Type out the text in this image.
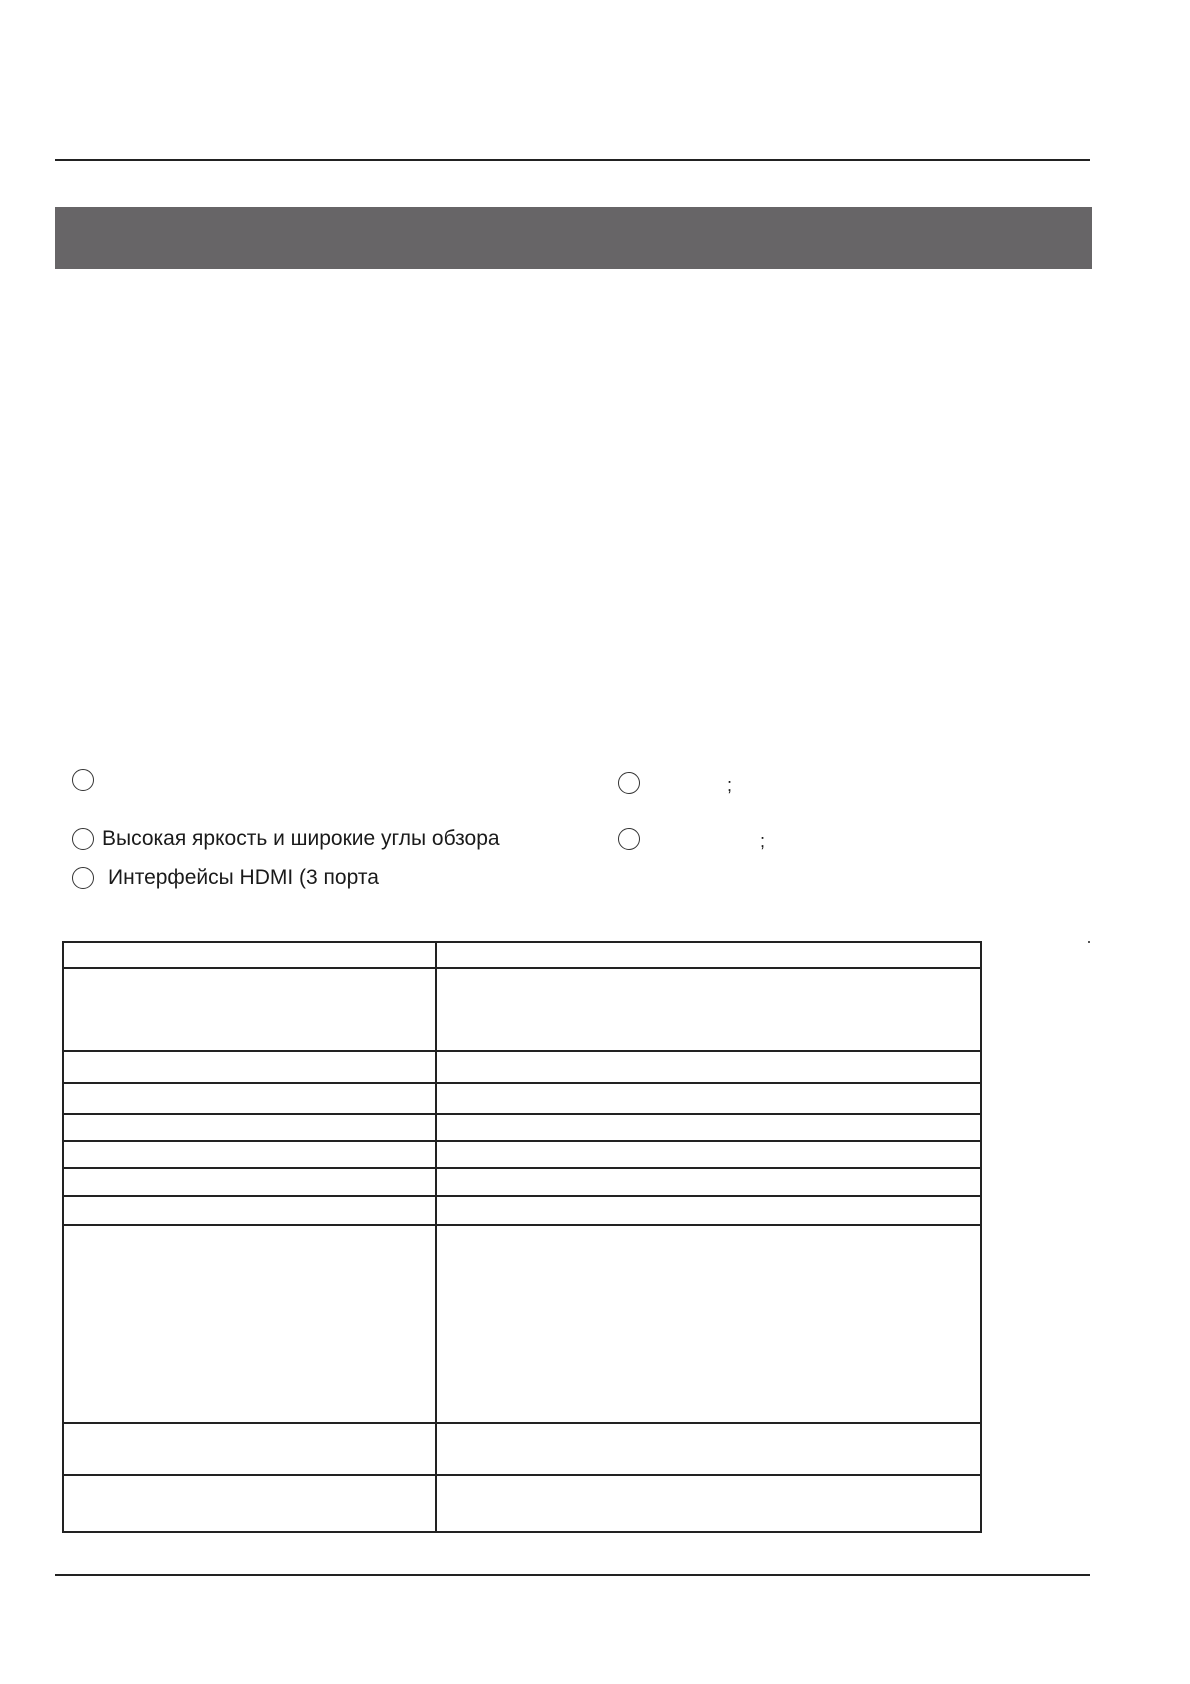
Высокая яркость и широкие углы обзора
Интерфейсы HDMI (3 порта
;
;
